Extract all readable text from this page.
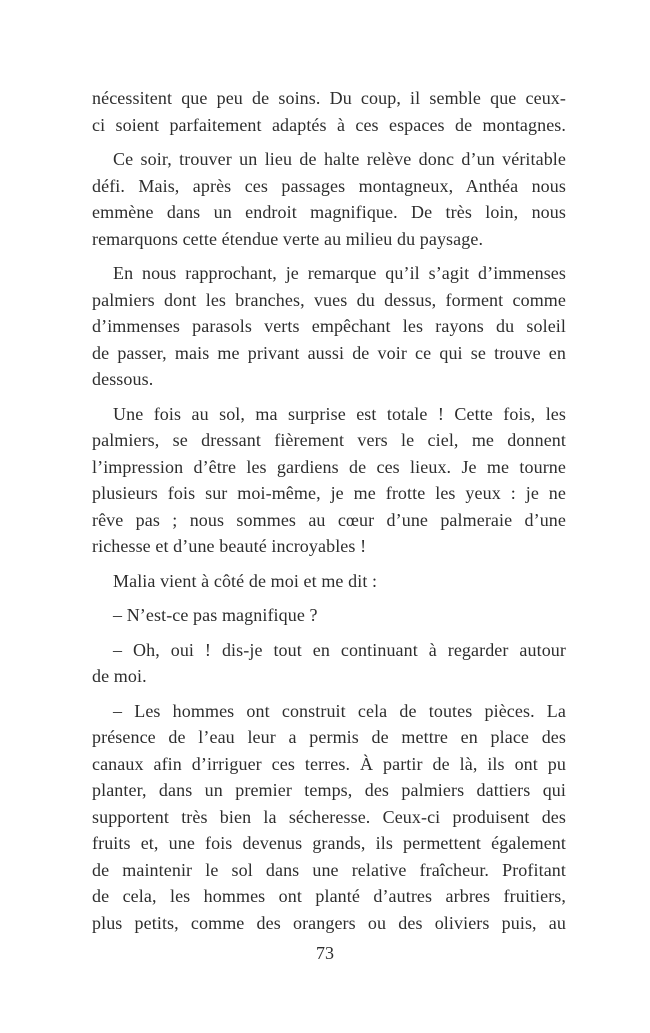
nécessitent que peu de soins. Du coup, il semble que ceux-
ci soient parfaitement adaptés à ces espaces de montagnes.
Ce soir, trouver un lieu de halte relève donc d’un véritable
défi. Mais, après ces passages montagneux, Anthéa nous
emmène dans un endroit magnifique. De très loin, nous
remarquons cette étendue verte au milieu du paysage.
En nous rapprochant, je remarque qu’il s’agit d’immenses
palmiers dont les branches, vues du dessus, forment comme
d’immenses parasols verts empêchant les rayons du soleil
de passer, mais me privant aussi de voir ce qui se trouve en
dessous.
Une fois au sol, ma surprise est totale ! Cette fois, les
palmiers, se dressant fièrement vers le ciel, me donnent
l’impression d’être les gardiens de ces lieux. Je me tourne
plusieurs fois sur moi-même, je me frotte les yeux : je ne
rêve pas ; nous sommes au cœur d’une palmeraie d’une
richesse et d’une beauté incroyables !
Malia vient à côté de moi et me dit :
– N’est-ce pas magnifique ?
– Oh, oui ! dis-je tout en continuant à regarder autour
de moi.
– Les hommes ont construit cela de toutes pièces. La
présence de l’eau leur a permis de mettre en place des
canaux afin d’irriguer ces terres. À partir de là, ils ont pu
planter, dans un premier temps, des palmiers dattiers qui
supportent très bien la sécheresse. Ceux-ci produisent des
fruits et, une fois devenus grands, ils permettent également
de maintenir le sol dans une relative fraîcheur. Profitant
de cela, les hommes ont planté d’autres arbres fruitiers,
plus petits, comme des orangers ou des oliviers puis, au
73
